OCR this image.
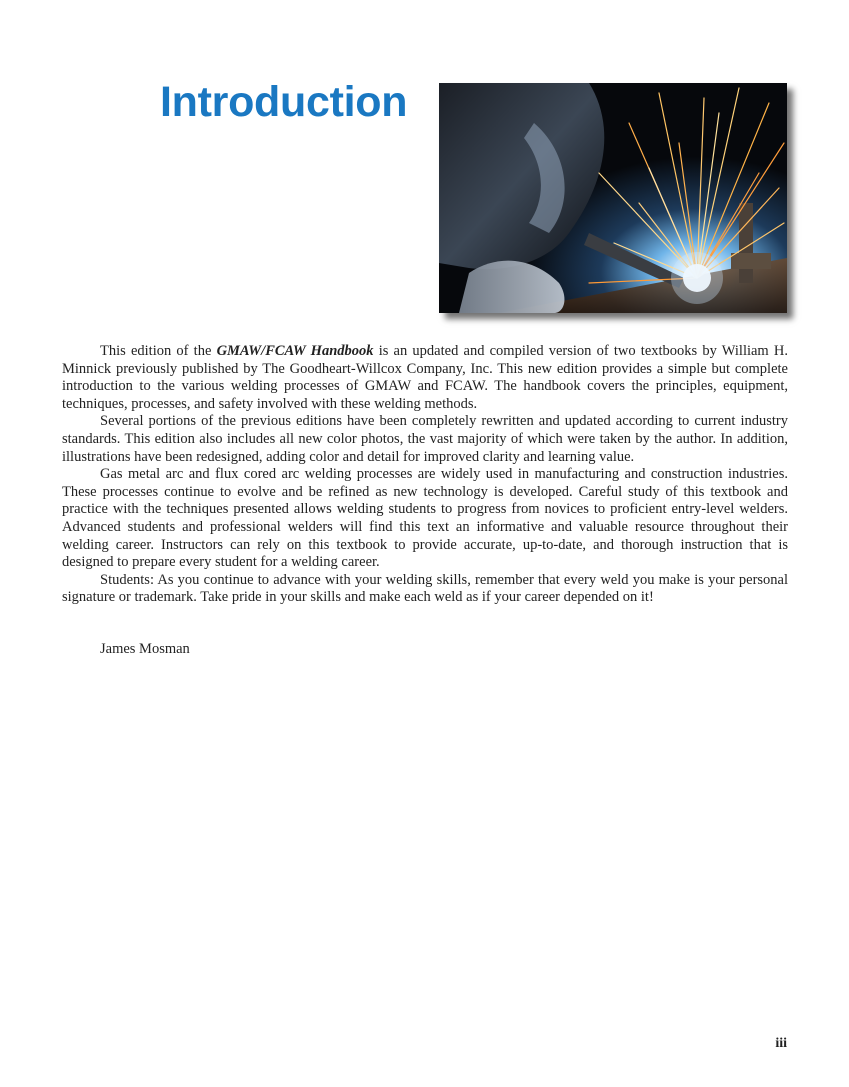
Introduction

This edition of the GMAW/FCAW Handbook is an updated and compiled version of two textbooks by William H. Minnick previously published by The Goodheart-Willcox Company, Inc. This new edition provides a simple but complete introduction to the various welding processes of GMAW and FCAW. The handbook covers the principles, equipment, techniques, processes, and safety involved with these welding methods.

Several portions of the previous editions have been completely rewritten and updated according to current industry standards. This edition also includes all new color photos, the vast majority of which were taken by the author. In addition, illustrations have been redesigned, adding color and detail for improved clarity and learning value.

Gas metal arc and flux cored arc welding processes are widely used in manufacturing and construction industries. These processes continue to evolve and be refined as new technology is developed. Careful study of this textbook and practice with the techniques presented allows welding students to progress from novices to proficient entry-level welders. Advanced students and professional welders will find this text an informative and valuable resource throughout their welding career. Instructors can rely on this textbook to provide accurate, up-to-date, and thorough instruction that is designed to prepare every student for a welding career.

Students: As you continue to advance with your welding skills, remember that every weld you make is your personal signature or trademark. Take pride in your skills and make each weld as if your career depended on it!

James Mosman
iii
